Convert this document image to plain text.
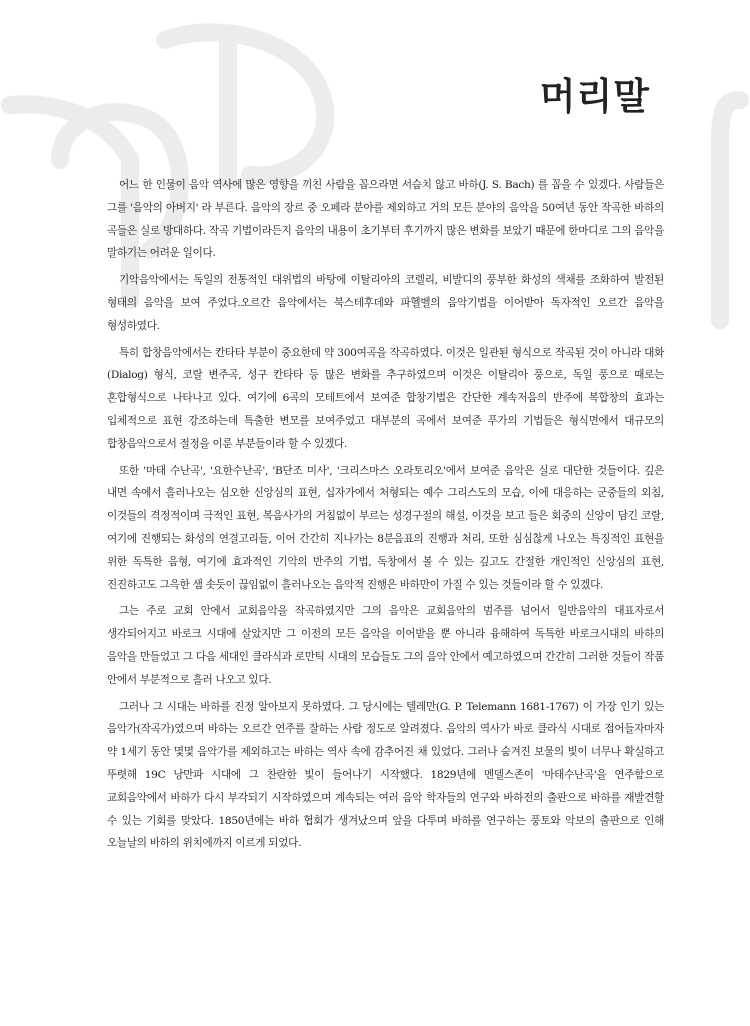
머리말

어느 한 인물이 음악 역사에 많은 영향을 끼친 사람을 꼽으라면 서슴치 않고 바하(J. S. Bach) 를 꼽을 수 있겠다. 사람들은 그를 '음악의 아버지' 라 부른다. 음악의 장르 중 오페라 분야를 제외하고 거의 모든 분야의 음악을 50여년 동안 작곡한 바하의 곡들은 실로 방대하다. 작곡 기법이라든지 음악의 내용이 초기부터 후기까지 많은 변화를 보았기 때문에 한마디로 그의 음악을 말하기는 어려운 일이다.

기악음악에서는 독일의 전통적인 대위법의 바탕에 이탈리아의 코렐리, 비발디의 풍부한 화성의 색채를 조화하여 발전된 형태의 음악을 보여 주었다.오르간 음악에서는 북스테후데와 파헬벨의 음악기법을 이어받아 독자적인 오르간 음악을 형성하였다.

특히 합창음악에서는 칸타타 부분이 중요한데 약 300여곡을 작곡하였다. 이것은 일관된 형식으로 작곡된 것이 아니라 대화(Dialog) 형식, 코랄 변주곡, 성구 칸타타 등 많은 변화를 추구하였으며 이것은 이탈리아 풍으로, 독일 풍으로 때로는 혼합형식으로 나타나고 있다. 여기에 6곡의 모테트에서 보여준 합창기법은 간단한 계속저음의 반주에 복합창의 효과는 입체적으로 표현 강조하는데 특출한 변모를 보여주었고 대부분의 곡에서 보여준 푸가의 기법들은 형식면에서 대규모의 합창음악으로서 절정을 이룬 부분들이라 할 수 있겠다.

또한 '마태 수난곡', '요한수난곡', 'B단조 미사', '크리스마스 오라토리오'에서 보여준 음악은 실로 대단한 것들이다. 깊은 내면 속에서 흘러나오는 심오한 신앙심의 표현, 십자가에서 처형되는 예수 그리스도의 모습, 이에 대응하는 군중들의 외침, 이것들의 격정적이며 극적인 표현, 복음사가의 거침없이 부르는 성경구절의 해설, 이것을 보고 들은 회중의 신앙이 담긴 코랄, 여기에 진행되는 화성의 연결고리들, 이어 간간히 지나가는 8분음표의 진행과 처리, 또한 심심찮게 나오는 특징적인 표현을 위한 독특한 음형, 여기에 효과적인 기악의 반주의 기법, 독창에서 볼 수 있는 깊고도 간절한 개인적인 신앙심의 표현, 진진하고도 그윽한 샘 솟듯이 끊임없이 흘러나오는 음악적 진행은 바하만이 가질 수 있는 것들이라 할 수 있겠다.

그는 주로 교회 안에서 교회음악을 작곡하였지만 그의 음악은 교회음악의 범주를 넘어서 일반음악의 대표자로서 생각되어지고 바로크 시대에 살았지만 그 이전의 모든 음악을 이어받을 뿐 아니라 융해하여 독특한 바로크시대의 바하의 음악을 만들었고 그 다음 세대인 클라식과 로만틱 시대의 모습들도 그의 음악 안에서 예고하였으며 간간히 그러한 것들이 작품 안에서 부분적으로 흘러 나오고 있다.

그러나 그 시대는 바하를 진정 알아보지 못하였다. 그 당시에는 텔레만(G. P. Telemann 1681-1767) 이 가장 인기 있는 음악가(작곡가)였으며 바하는 오르간 연주를 잘하는 사람 정도로 알려졌다. 음악의 역사가 바로 클라식 시대로 접어들자마자 약 1세기 동안 몇몇 음악가를 제외하고는 바하는 역사 속에 감추어진 채 있었다. 그러나 숨겨진 보물의 빛이 너무나 확실하고 뚜렷해 19C 낭만파 시대에 그 찬란한 빛이 들어나기 시작했다. 1829년에 멘델스존이 '마태수난곡'을 연주함으로 교회음악에서 바하가 다시 부각되기 시작하였으며 계속되는 여러 음악 학자들의 연구와 바하전의 출판으로 바하를 재발견할 수 있는 기회를 맞았다. 1850년에는 바하 협회가 생겨났으며 앞을 다투며 바하를 연구하는 풍토와 악보의 출판으로 인해 오늘날의 바하의 위치에까지 이르게 되었다.
